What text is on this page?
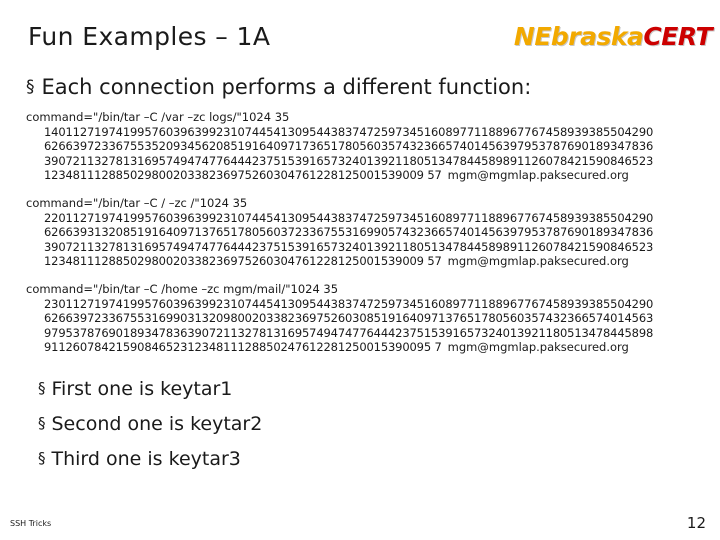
Fun Examples – 1A	NEbraskaCERT
§ Each connection performs a different function:
command="/bin/tar –C /var –zc logs/"1024 35
1401127197419957603963992310744541309544383747259734516089771188967767458939385504290
6266397233675535209345620851916409717365178056035743236657401456397953787690189347836
3907211327813169574947477644423751539165732401392118051347844589891126078421590846523
12348111288502980020338236975260304761228125001539009 57 mgm@mgmlap.paksecured.org
command="/bin/tar –C / –zc /"1024 35
2201127197419957603963992310744541309544383747259734516089771188967767458939385504290
6266393132085191640971376517805603723367553169905743236657401456397953787690189347836
3907211327813169574947477644423751539165732401392118051347844589891126078421590846523
12348111288502980020338236975260304761228125001539009 57 mgm@mgmlap.paksecured.org
command="/bin/tar –C /home –zc mgm/mail/"1024 35
2301127197419957603963992310744541309544383747259734516089771188967767458939385504290
6266397233675531699031320980020338236975260308519164097137651780560357432366574014563
9795378769018934783639072113278131695749474776444237515391657324013921180513478445898
911260784215908465231234811128850247612281250015390095 7 mgm@mgmlap.paksecured.org
§ First one is keytar1
§ Second one is keytar2
§ Third one is keytar3
SSH Tricks	12
